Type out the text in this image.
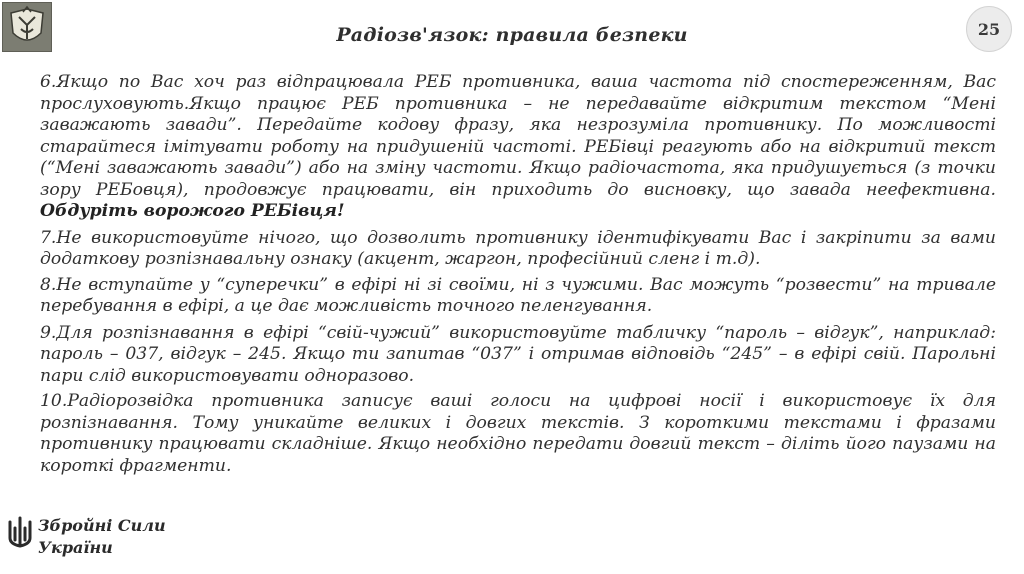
Радіозв'язок: правила безпеки	25

6.Якщо по Вас хоч раз відпрацювала РЕБ противника, ваша частота під спостереженням, Вас прослуховують.Якщо працює РЕБ противника – не передавайте відкритим текстом “Мені заважають завади”. Передайте кодову фразу, яка незрозуміла противнику. По можливості старайтеся імітувати роботу на придушеній частоті. РЕБівці реагують або на відкритий текст (“Мені заважають завади”) або на зміну частоти. Якщо радіочастота, яка придушується (з точки зору РЕБовця), продовжує працювати, він приходить до висновку, що завада неефективна. Обдуріть ворожого РЕБівця!

7.Не використовуйте нічого, що дозволить противнику ідентифікувати Вас і закріпити за вами додаткову розпізнавальну ознаку (акцент, жаргон, професійний сленг і т.д).

8.Не вступайте у “суперечки” в ефірі ні зі своїми, ні з чужими. Вас можуть “розвести” на тривале перебування в ефірі, а це дає можливість точного пеленгування.

9.Для розпізнавання в ефірі “свій-чужий” використовуйте табличку “пароль – відгук”, наприклад: пароль – 037, відгук – 245. Якщо ти запитав “037” і отримав відповідь “245” – в ефірі свій. Парольні пари слід використовувати одноразово.

10.Радіорозвідка противника записує ваші голоси на цифрові носії і використовує їх для розпізнавання. Тому уникайте великих і довгих текстів. З короткими текстами і фразами противнику працювати складніше. Якщо необхідно передати довгий текст – діліть його паузами на короткі фрагменти.

Збройні Сили
України
